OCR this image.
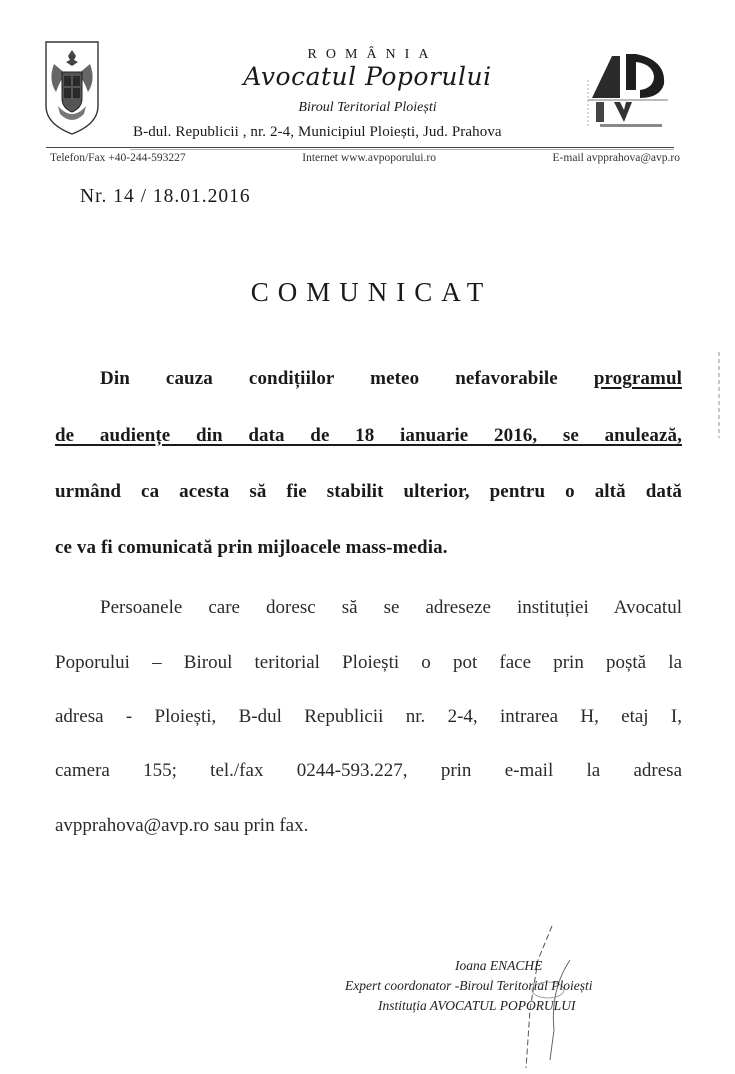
ROMÂNIA
Avocatul Poporului
Biroul Teritorial Ploiești
B-dul. Republicii , nr. 2-4, Municipiul Ploiești, Jud. Prahova
Telefon/Fax +40-244-593227	Internet www.avpoporului.ro	E-mail avpprahova@avp.ro
Nr. 14 / 18.01.2016
COMUNICAT
Din cauza condițiilor meteo nefavorabile programul
de audiențe din data de 18 ianuarie 2016, se anulează,
urmând ca acesta să fie stabilit ulterior, pentru o altă dată
ce va fi comunicată prin mijloacele mass-media.
Persoanele care doresc să se adreseze instituției Avocatul
Poporului – Biroul teritorial Ploiești o pot face prin poștă la
adresa - Ploiești, B-dul Republicii nr. 2-4, intrarea H, etaj I,
camera 155; tel./fax 0244-593.227, prin e-mail la adresa
avpprahova@avp.ro sau prin fax.
Ioana ENACHE
Expert coordonator -Biroul Teritorial Ploiești
Instituția AVOCATUL POPORULUI
